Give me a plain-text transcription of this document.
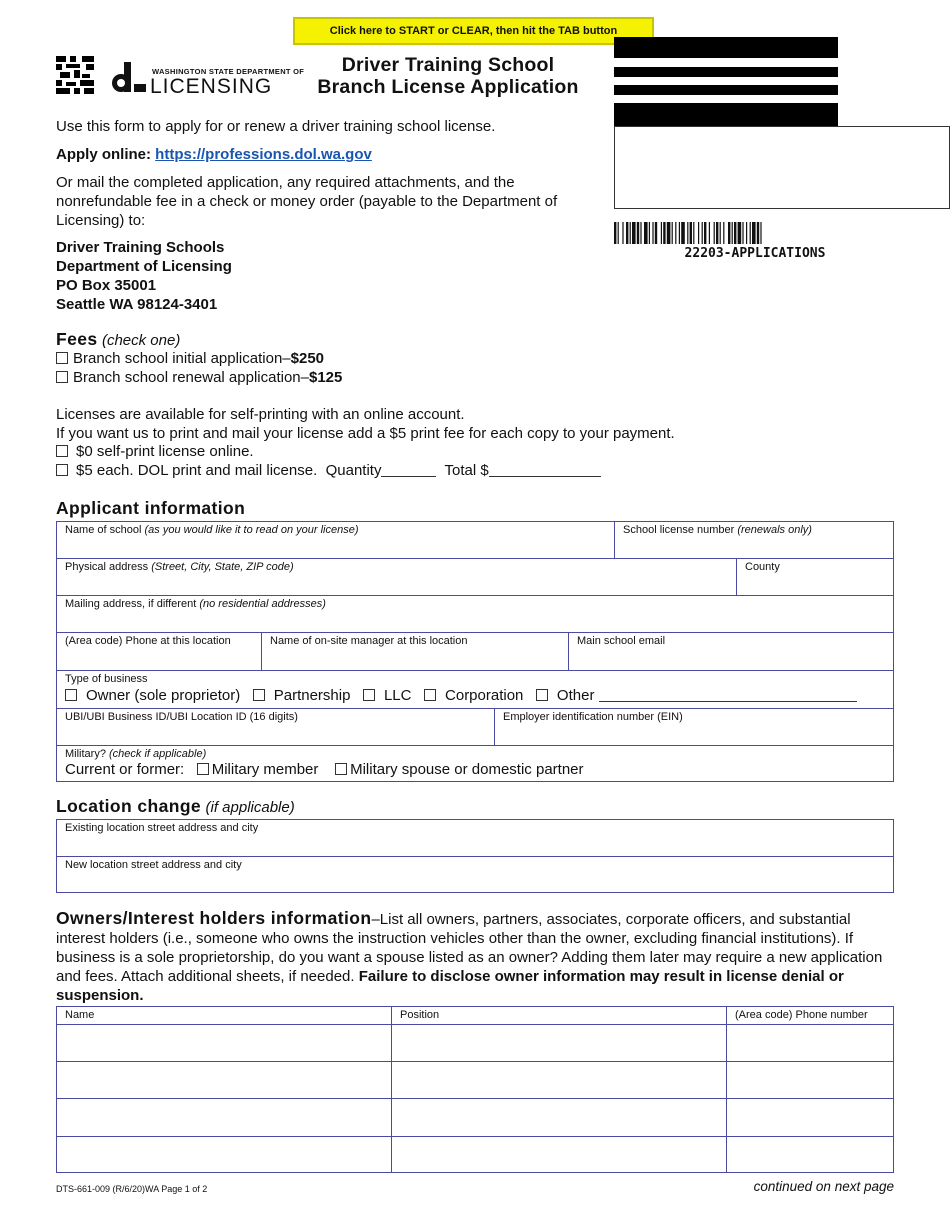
Click here to START or CLEAR, then hit the TAB button
WASHINGTON STATE DEPARTMENT OF
LICENSING
Driver Training School
Branch License Application
22203-APPLICATIONS
Use this form to apply for or renew a driver training school license.
Apply online: https://professions.dol.wa.gov
Or mail the completed application, any required attachments, and the nonrefundable fee in a check or money order (payable to the Department of Licensing) to:
Driver Training Schools
Department of Licensing
PO Box 35001
Seattle WA 98124-3401
Fees (check one)
Branch school initial application–$250
Branch school renewal application–$125
Licenses are available for self-printing with an online account.
If you want us to print and mail your license add a $5 print fee for each copy to your payment.
$0 self-print license online.
$5 each. DOL print and mail license. Quantity	Total $
Applicant information
Name of school (as you would like it to read on your license)	School license number (renewals only)
Physical address (Street, City, State, ZIP code)	County
Mailing address, if different (no residential addresses)
(Area code) Phone at this location	Name of on-site manager at this location	Main school email
Type of business
Owner (sole proprietor) Partnership LLC Corporation Other
UBI/UBI Business ID/UBI Location ID (16 digits)	Employer identification number (EIN)
Military? (check if applicable)
Current or former: Military member Military spouse or domestic partner
Location change (if applicable)
Existing location street address and city
New location street address and city
Owners/Interest holders information–List all owners, partners, associates, corporate officers, and substantial interest holders (i.e., someone who owns the instruction vehicles other than the owner, excluding financial institutions). If business is a sole proprietorship, do you want a spouse listed as an owner? Adding them later may require a new application and fees. Attach additional sheets, if needed. Failure to disclose owner information may result in license denial or suspension.
Name	Position	(Area code) Phone number
DTS-661-009 (R/6/20)WA Page 1 of 2	continued on next page
